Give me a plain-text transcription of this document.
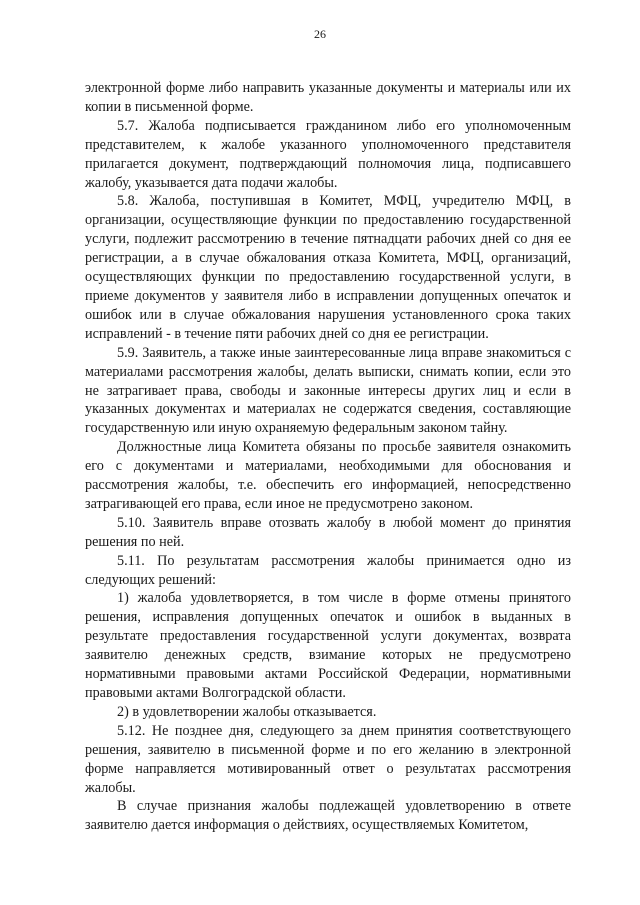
26

электронной форме либо направить указанные документы и материалы или их копии в письменной форме.

5.7. Жалоба подписывается гражданином либо его уполномоченным представителем, к жалобе указанного уполномоченного представителя прилагается документ, подтверждающий полномочия лица, подписавшего жалобу, указывается дата подачи жалобы.

5.8. Жалоба, поступившая в Комитет, МФЦ, учредителю МФЦ, в организации, осуществляющие функции по предоставлению государственной услуги, подлежит рассмотрению в течение пятнадцати рабочих дней со дня ее регистрации, а в случае обжалования отказа Комитета, МФЦ, организаций, осуществляющих функции по предоставлению государственной услуги, в приеме документов у заявителя либо в исправлении допущенных опечаток и ошибок или в случае обжалования нарушения установленного срока таких исправлений - в течение пяти рабочих дней со дня ее регистрации.

5.9. Заявитель, а также иные заинтересованные лица вправе знакомиться с материалами рассмотрения жалобы, делать выписки, снимать копии, если это не затрагивает права, свободы и законные интересы других лиц и если в указанных документах и материалах не содержатся сведения, составляющие государственную или иную охраняемую федеральным законом тайну.

Должностные лица Комитета обязаны по просьбе заявителя ознакомить его с документами и материалами, необходимыми для обоснования и рассмотрения жалобы, т.е. обеспечить его информацией, непосредственно затрагивающей его права, если иное не предусмотрено законом.

5.10. Заявитель вправе отозвать жалобу в любой момент до принятия решения по ней.

5.11. По результатам рассмотрения жалобы принимается одно из следующих решений:

1) жалоба удовлетворяется, в том числе в форме отмены принятого решения, исправления допущенных опечаток и ошибок в выданных в результате предоставления государственной услуги документах, возврата заявителю денежных средств, взимание которых не предусмотрено нормативными правовыми актами Российской Федерации, нормативными правовыми актами Волгоградской области.

2) в удовлетворении жалобы отказывается.

5.12. Не позднее дня, следующего за днем принятия соответствующего решения, заявителю в письменной форме и по его желанию в электронной форме направляется мотивированный ответ о результатах рассмотрения жалобы.

В случае признания жалобы подлежащей удовлетворению в ответе заявителю дается информация о действиях, осуществляемых Комитетом,
